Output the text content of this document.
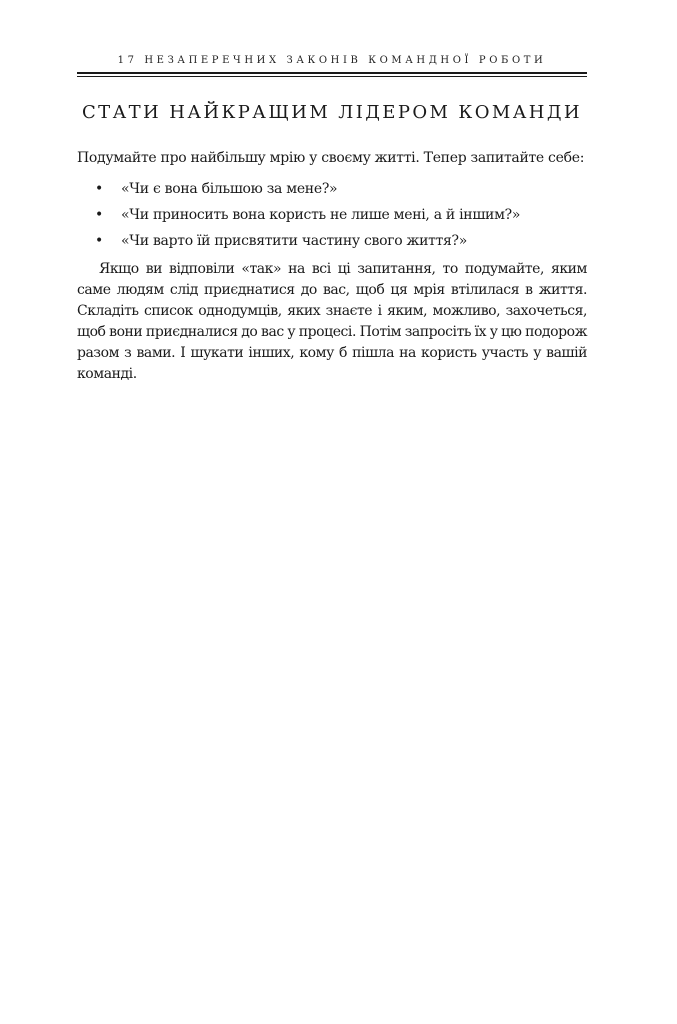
17 НЕЗАПЕРЕЧНИХ ЗАКОНІВ КОМАНДНОЇ РОБОТИ
СТАТИ НАЙКРАЩИМ ЛІДЕРОМ КОМАНДИ

Подумайте про найбільшу мрію у своєму житті. Тепер запитайте себе:

• «Чи є вона більшою за мене?»
• «Чи приносить вона користь не лише мені, а й іншим?»
• «Чи варто їй присвятити частину свого життя?»

Якщо ви відповіли «так» на всі ці запитання, то подумайте, яким саме людям слід приєднатися до вас, щоб ця мрія втілилася в життя. Складіть список однодумців, яких знаєте і яким, можливо, захочеться, щоб вони приєдналися до вас у процесі. Потім запросіть їх у цю подорож разом з вами. І шукати інших, кому б пішла на користь участь у вашій команді.
